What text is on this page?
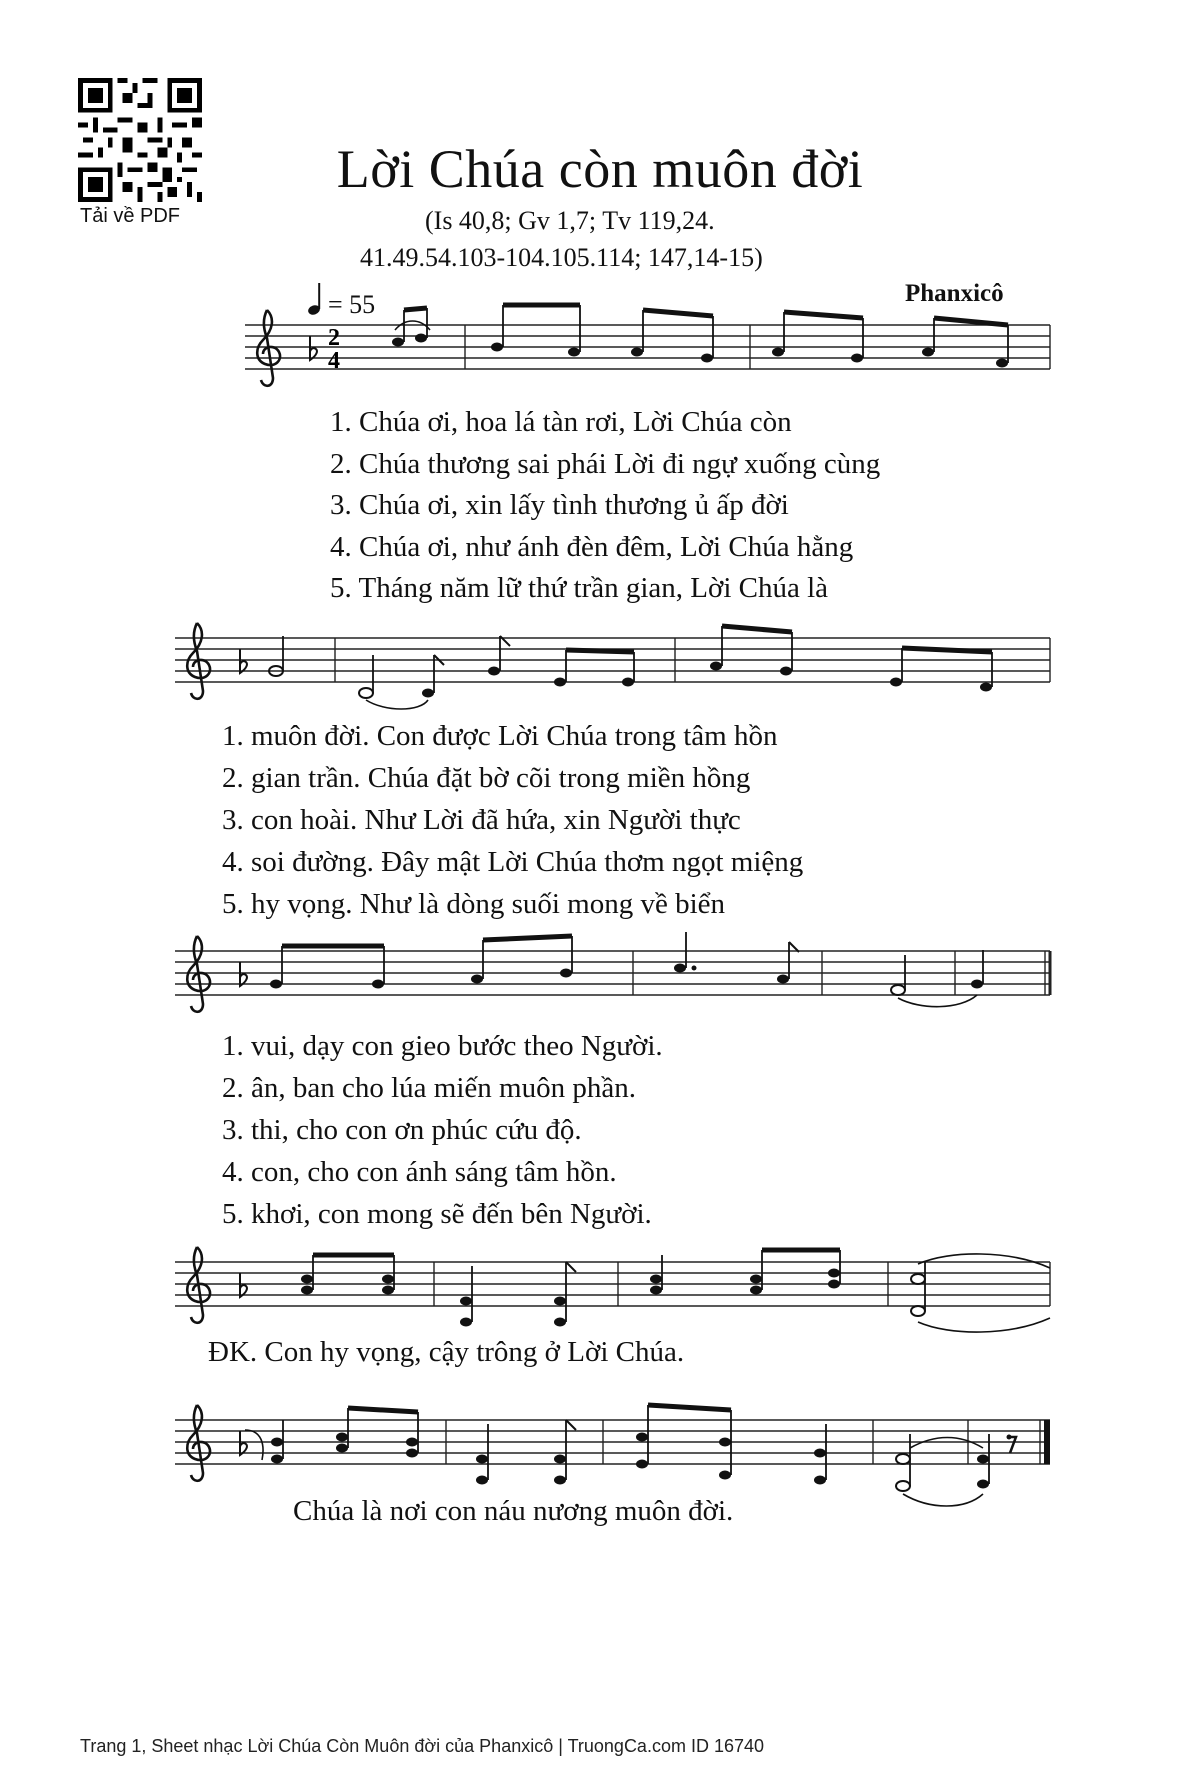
Tải về PDF
Lời Chúa còn muôn đời
(Is 40,8; Gv 1,7; Tv 119,24.
41.49.54.103-104.105.114; 147,14-15)
= 55	Phanxicô
2
4
1. Chúa ơi, hoa lá tàn rơi, Lời Chúa còn
2. Chúa thương sai phái Lời đi ngự xuống cùng
3. Chúa ơi, xin lấy tình thương ủ ấp đời
4. Chúa ơi, như ánh đèn đêm, Lời Chúa hằng
5. Tháng năm lữ thứ trần gian, Lời Chúa là
1. muôn đời. Con được Lời Chúa trong tâm hồn
2. gian trần. Chúa đặt bờ cõi trong miền hồng
3. con hoài. Như Lời đã hứa, xin Người thực
4. soi đường. Đây mật Lời Chúa thơm ngọt miệng
5. hy vọng. Như là dòng suối mong về biển
1. vui, dạy con gieo bước theo Người.
2. ân, ban cho lúa miến muôn phần.
3. thi, cho con ơn phúc cứu độ.
4. con, cho con ánh sáng tâm hồn.
5. khơi, con mong sẽ đến bên Người.
ĐK. Con hy vọng, cậy trông ở Lời Chúa.
Chúa là nơi con náu nương muôn đời.
Trang 1, Sheet nhạc Lời Chúa Còn Muôn đời của Phanxicô | TruongCa.com ID 16740
